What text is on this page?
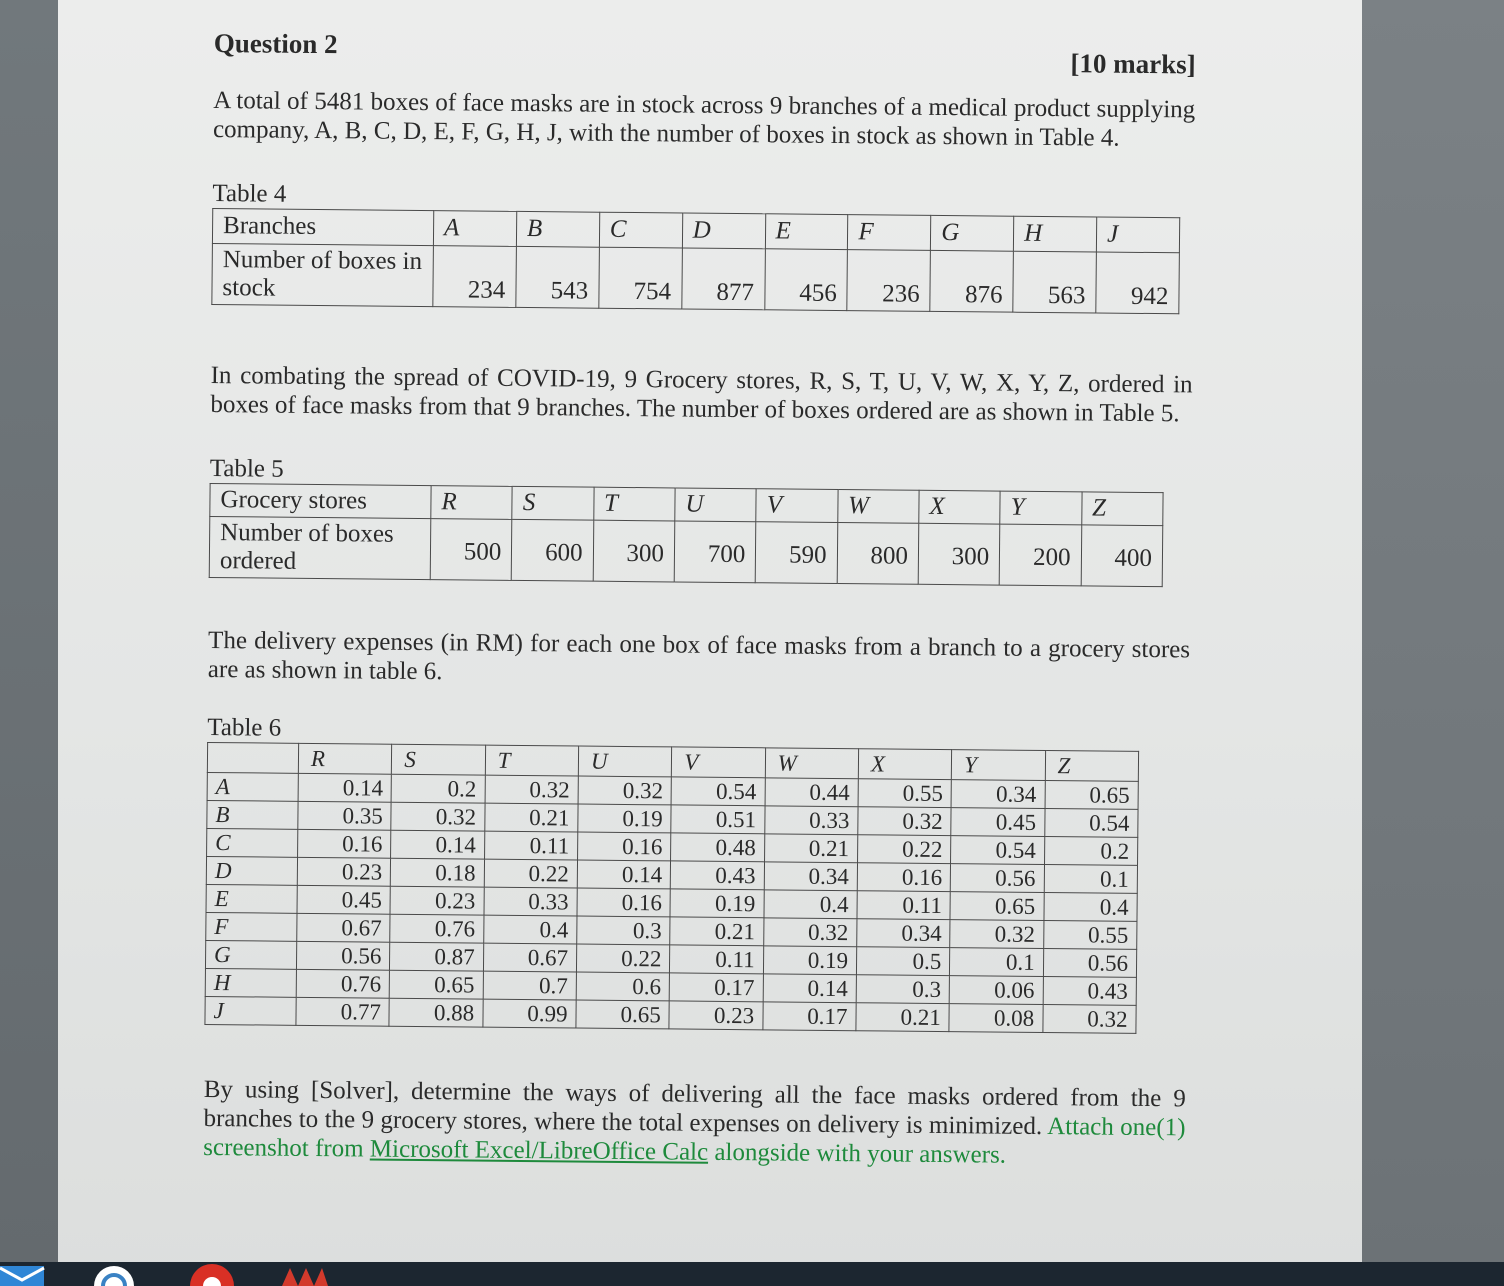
Question 2
[10 marks]

A total of 5481 boxes of face masks are in stock across 9 branches of a medical product supplying company, A, B, C, D, E, F, G, H, J, with the number of boxes in stock as shown in Table 4.

Table 4

Branches	A	B	C	D	E	F	G	H	J
Number of boxes in stock	234	543	754	877	456	236	876	563	942

In combating the spread of COVID-19, 9 Grocery stores, R, S, T, U, V, W, X, Y, Z, ordered in boxes of face masks from that 9 branches. The number of boxes ordered are as shown in Table 5.

Table 5

Grocery stores	R	S	T	U	V	W	X	Y	Z
Number of boxes ordered	500	600	300	700	590	800	300	200	400

The delivery expenses (in RM) for each one box of face masks from a branch to a grocery stores are as shown in table 6.

Table 6

	R	S	T	U	V	W	X	Y	Z
A	0.14	0.2	0.32	0.32	0.54	0.44	0.55	0.34	0.65
B	0.35	0.32	0.21	0.19	0.51	0.33	0.32	0.45	0.54
C	0.16	0.14	0.11	0.16	0.48	0.21	0.22	0.54	0.2
D	0.23	0.18	0.22	0.14	0.43	0.34	0.16	0.56	0.1
E	0.45	0.23	0.33	0.16	0.19	0.4	0.11	0.65	0.4
F	0.67	0.76	0.4	0.3	0.21	0.32	0.34	0.32	0.55
G	0.56	0.87	0.67	0.22	0.11	0.19	0.5	0.1	0.56
H	0.76	0.65	0.7	0.6	0.17	0.14	0.3	0.06	0.43
J	0.77	0.88	0.99	0.65	0.23	0.17	0.21	0.08	0.32

By using [Solver], determine the ways of delivering all the face masks ordered from the 9 branches to the 9 grocery stores, where the total expenses on delivery is minimized. Attach one(1) screenshot from Microsoft Excel/LibreOffice Calc alongside with your answers.
